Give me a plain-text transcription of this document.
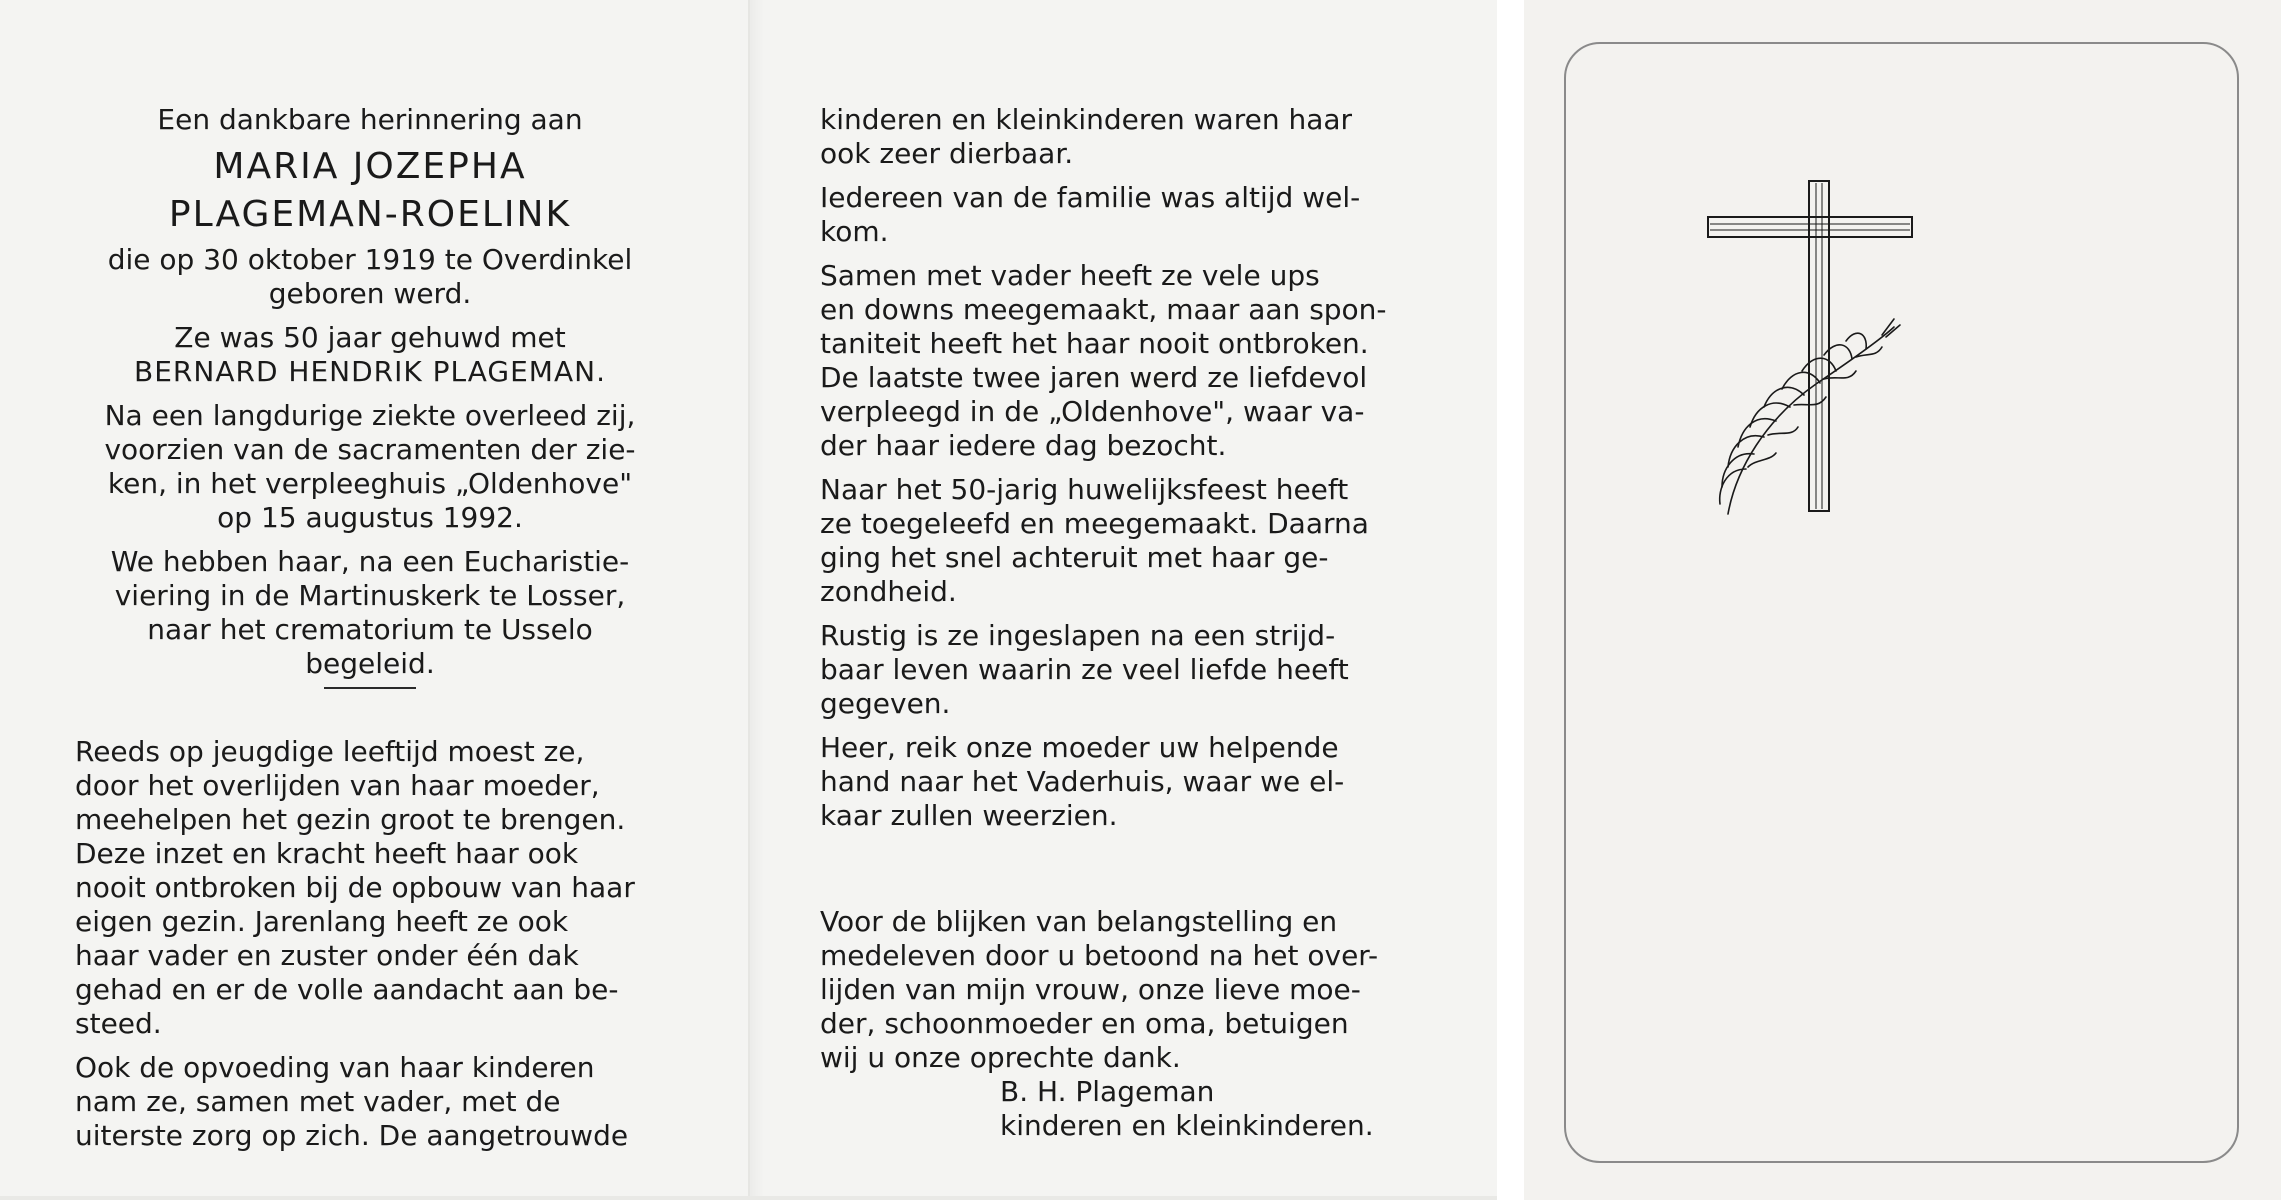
Een dankbare herinnering aan

MARIA JOZEPHA
PLAGEMAN-ROELINK

die op 30 oktober 1919 te Overdinkel
geboren werd.

Ze was 50 jaar gehuwd met
BERNARD HENDRIK PLAGEMAN.

Na een langdurige ziekte overleed zij,
voorzien van de sacramenten der zie-
ken, in het verpleeghuis „Oldenhove"
op 15 augustus 1992.

We hebben haar, na een Eucharistie-
viering in de Martinuskerk te Losser,
naar het crematorium te Usselo
begeleid.

Reeds op jeugdige leeftijd moest ze,
door het overlijden van haar moeder,
meehelpen het gezin groot te brengen.
Deze inzet en kracht heeft haar ook
nooit ontbroken bij de opbouw van haar
eigen gezin. Jarenlang heeft ze ook
haar vader en zuster onder één dak
gehad en er de volle aandacht aan be-
steed.

Ook de opvoeding van haar kinderen
nam ze, samen met vader, met de
uiterste zorg op zich. De aangetrouwde

kinderen en kleinkinderen waren haar
ook zeer dierbaar.

Iedereen van de familie was altijd wel-
kom.

Samen met vader heeft ze vele ups
en downs meegemaakt, maar aan spon-
taniteit heeft het haar nooit ontbroken.
De laatste twee jaren werd ze liefdevol
verpleegd in de „Oldenhove", waar va-
der haar iedere dag bezocht.

Naar het 50-jarig huwelijksfeest heeft
ze toegeleefd en meegemaakt. Daarna
ging het snel achteruit met haar ge-
zondheid.

Rustig is ze ingeslapen na een strijd-
baar leven waarin ze veel liefde heeft
gegeven.

Heer, reik onze moeder uw helpende
hand naar het Vaderhuis, waar we el-
kaar zullen weerzien.

Voor de blijken van belangstelling en
medeleven door u betoond na het over-
lijden van mijn vrouw, onze lieve moe-
der, schoonmoeder en oma, betuigen
wij u onze oprechte dank.

B. H. Plageman
kinderen en kleinkinderen.
